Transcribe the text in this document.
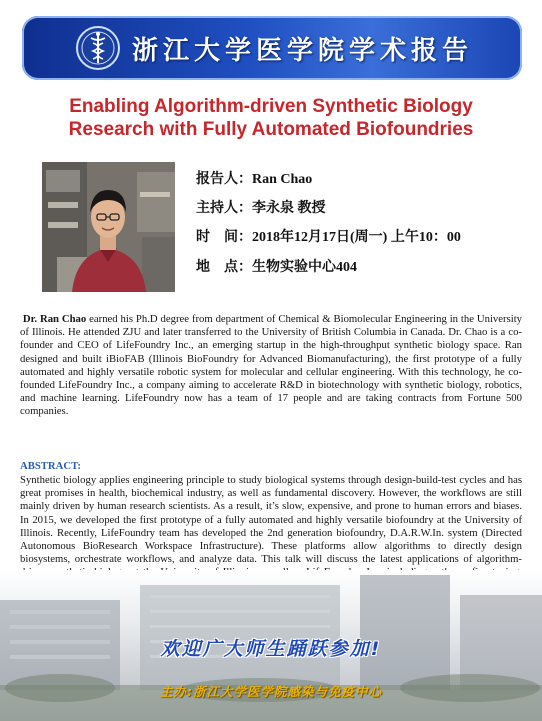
浙江大学医学院学术报告
Enabling Algorithm-driven Synthetic Biology
Research with Fully Automated Biofoundries
报告人：Ran Chao
主持人：李永泉 教授
时    间：2018年12月17日(周一) 上午10：00
地    点：生物实验中心404
Dr. Ran Chao earned his Ph.D degree from department of Chemical & Biomolecular Engineering in the University of Illinois. He attended ZJU and later transferred to the University of British Columbia in Canada. Dr. Chao is a co-founder and CEO of LifeFoundry Inc., an emerging startup in the high-throughput synthetic biology space. Ran designed and built iBioFAB (Illinois BioFoundry for Advanced Biomanufacturing), the first prototype of a fully automated and highly versatile robotic system for molecular and cellular engineering. With this technology, he co-founded LifeFoundry Inc., a company aiming to accelerate R&D in biotechnology with synthetic biology, robotics, and machine learning. LifeFoundry now has a team of 17 people and are taking contracts from Fortune 500 companies.
ABSTRACT:
Synthetic biology applies engineering principle to study biological systems through design-build-test cycles and has great promises in health, biochemical industry, as well as fundamental discovery. However, the workflows are still mainly driven by human research scientists. As a result, it’s slow, expensive, and prone to human errors and biases. In 2015, we developed the first prototype of a fully automated and highly versatile biofoundry at the University of Illinois. Recently, LifeFoundry team has developed the 2nd generation biofoundry, D.A.R.W.In. system (Directed Autonomous BioResearch Workspace Infrastructure). These platforms allow algorithms to directly design biosystems, orchestrate workflows, and analyze data. This talk will discuss the latest applications of algorithm-
欢迎广大师生踊跃参加!
主办:浙江大学医学院感染与免疫中心
